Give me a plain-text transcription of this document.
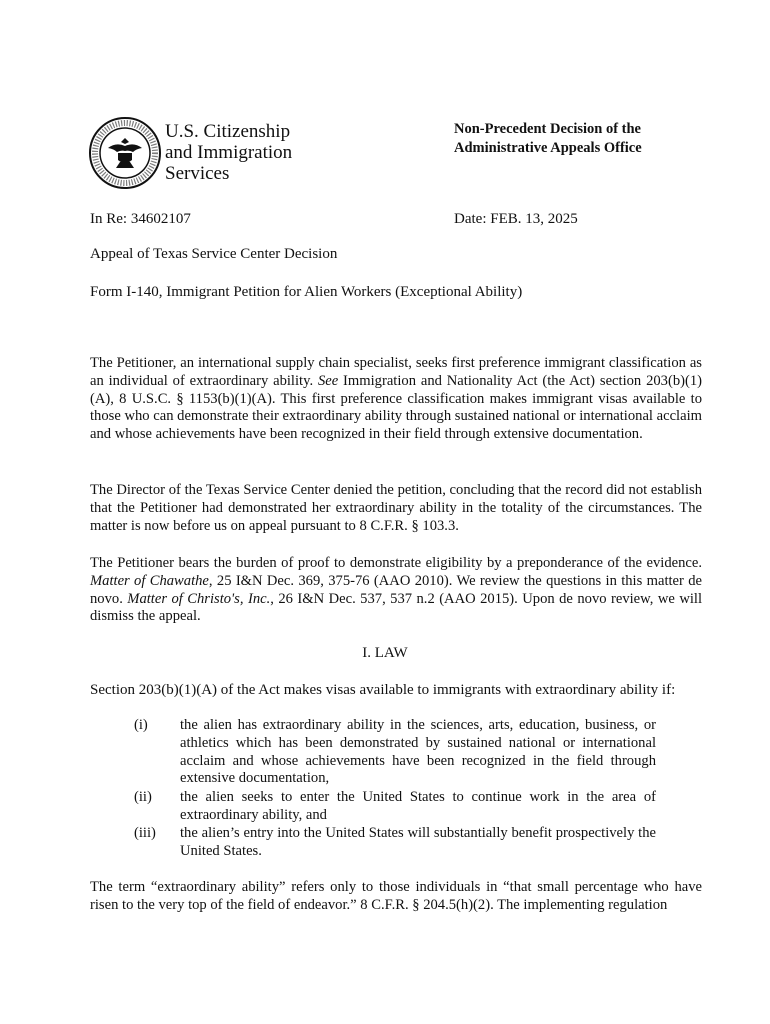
U.S. Citizenship
and Immigration
Services
Non-Precedent Decision of the
Administrative Appeals Office
In Re: 34602107	Date: FEB. 13, 2025
Appeal of Texas Service Center Decision
Form I-140, Immigrant Petition for Alien Workers (Exceptional Ability)
The Petitioner, an international supply chain specialist, seeks first preference immigrant classification as an individual of extraordinary ability. See Immigration and Nationality Act (the Act) section 203(b)(1)(A), 8 U.S.C. § 1153(b)(1)(A). This first preference classification makes immigrant visas available to those who can demonstrate their extraordinary ability through sustained national or international acclaim and whose achievements have been recognized in their field through extensive documentation.
The Director of the Texas Service Center denied the petition, concluding that the record did not establish that the Petitioner had demonstrated her extraordinary ability in the totality of the circumstances. The matter is now before us on appeal pursuant to 8 C.F.R. § 103.3.
The Petitioner bears the burden of proof to demonstrate eligibility by a preponderance of the evidence. Matter of Chawathe, 25 I&N Dec. 369, 375-76 (AAO 2010). We review the questions in this matter de novo. Matter of Christo's, Inc., 26 I&N Dec. 537, 537 n.2 (AAO 2015). Upon de novo review, we will dismiss the appeal.
I. LAW
Section 203(b)(1)(A) of the Act makes visas available to immigrants with extraordinary ability if:
(i) the alien has extraordinary ability in the sciences, arts, education, business, or athletics which has been demonstrated by sustained national or international acclaim and whose achievements have been recognized in the field through extensive documentation,
(ii) the alien seeks to enter the United States to continue work in the area of extraordinary ability, and
(iii) the alien’s entry into the United States will substantially benefit prospectively the United States.
The term “extraordinary ability” refers only to those individuals in “that small percentage who have risen to the very top of the field of endeavor.” 8 C.F.R. § 204.5(h)(2). The implementing regulation
